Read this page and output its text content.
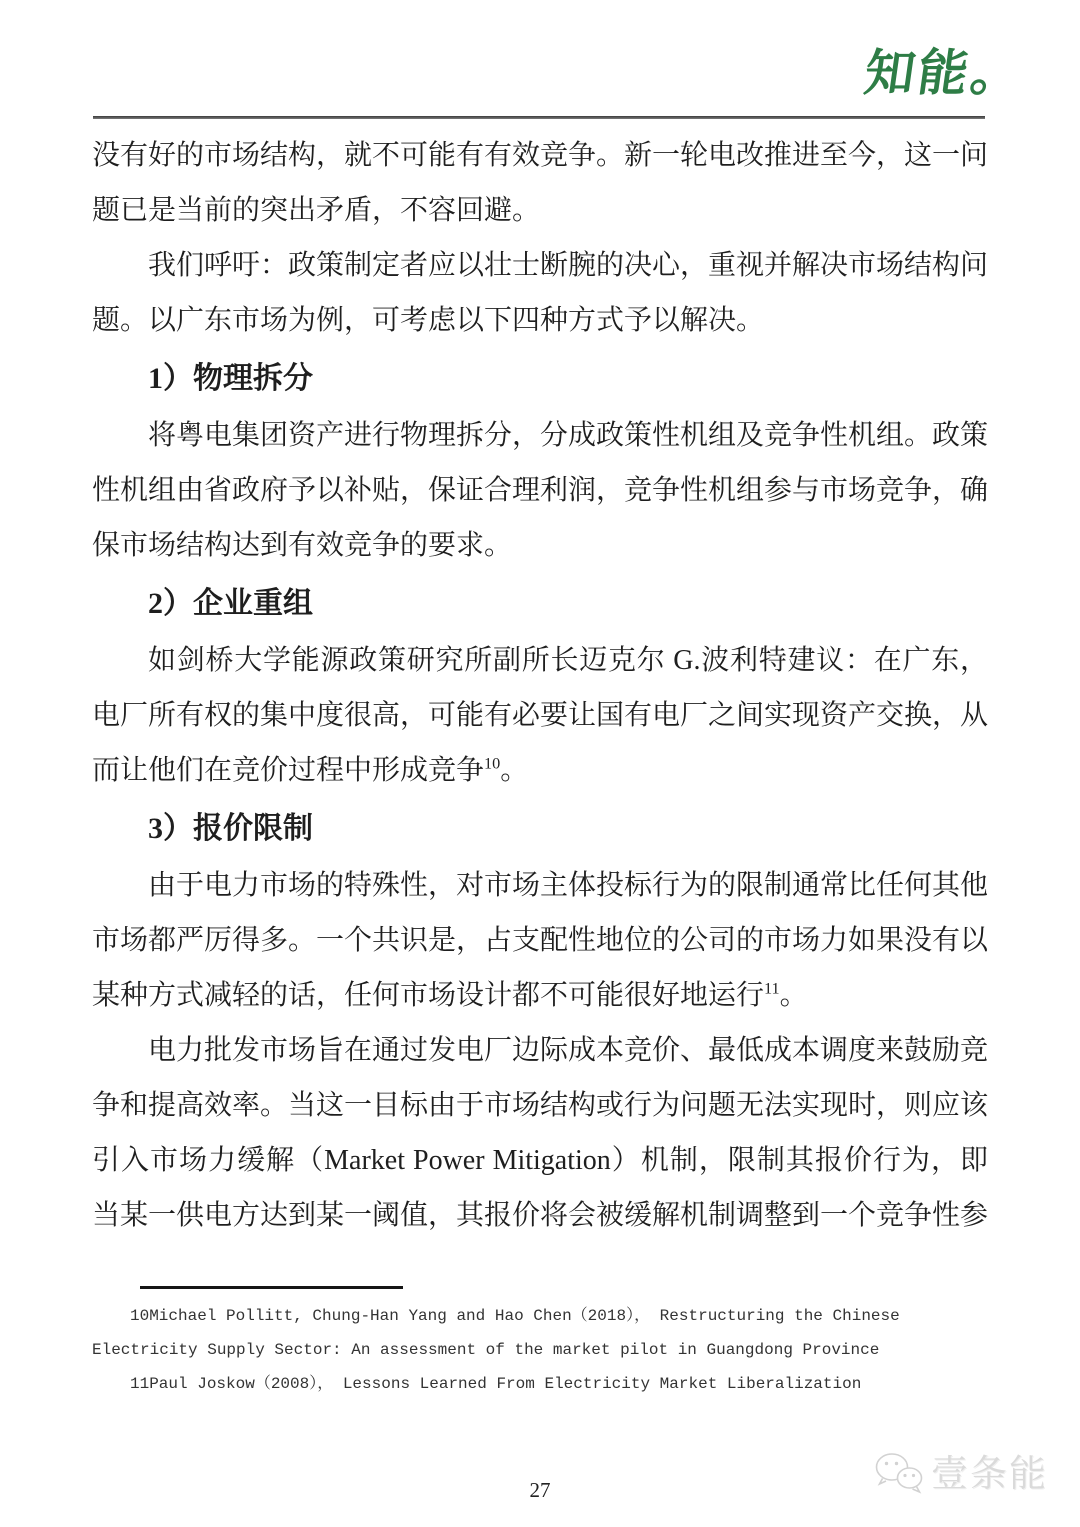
知能。

没有好的市场结构，就不可能有有效竞争。新一轮电改推进至今，这一问题已是当前的突出矛盾，不容回避。

我们呼吁：政策制定者应以壮士断腕的决心，重视并解决市场结构问题。以广东市场为例，可考虑以下四种方式予以解决。

1）物理拆分

将粤电集团资产进行物理拆分，分成政策性机组及竞争性机组。政策性机组由省政府予以补贴，保证合理利润，竞争性机组参与市场竞争，确保市场结构达到有效竞争的要求。

2）企业重组

如剑桥大学能源政策研究所副所长迈克尔 G.波利特建议：在广东，电厂所有权的集中度很高，可能有必要让国有电厂之间实现资产交换，从而让他们在竞价过程中形成竞争$^{10}$。

3）报价限制

由于电力市场的特殊性，对市场主体投标行为的限制通常比任何其他市场都严厉得多。一个共识是，占支配性地位的公司的市场力如果没有以某种方式减轻的话，任何市场设计都不可能很好地运行$^{11}$。

电力批发市场旨在通过发电厂边际成本竞价、最低成本调度来鼓励竞争和提高效率。当这一目标由于市场结构或行为问题无法实现时，则应该引入市场力缓解（Market Power Mitigation）机制，限制其报价行为，即当某一供电方达到某一阈值，其报价将会被缓解机制调整到一个竞争性参

10Michael Pollitt, Chung-Han Yang and Hao Chen（2018）， Restructuring the Chinese Electricity Supply Sector: An assessment of the market pilot in Guangdong Province

11Paul Joskow（2008）， Lessons Learned From Electricity Market Liberalization

27	壹条能
